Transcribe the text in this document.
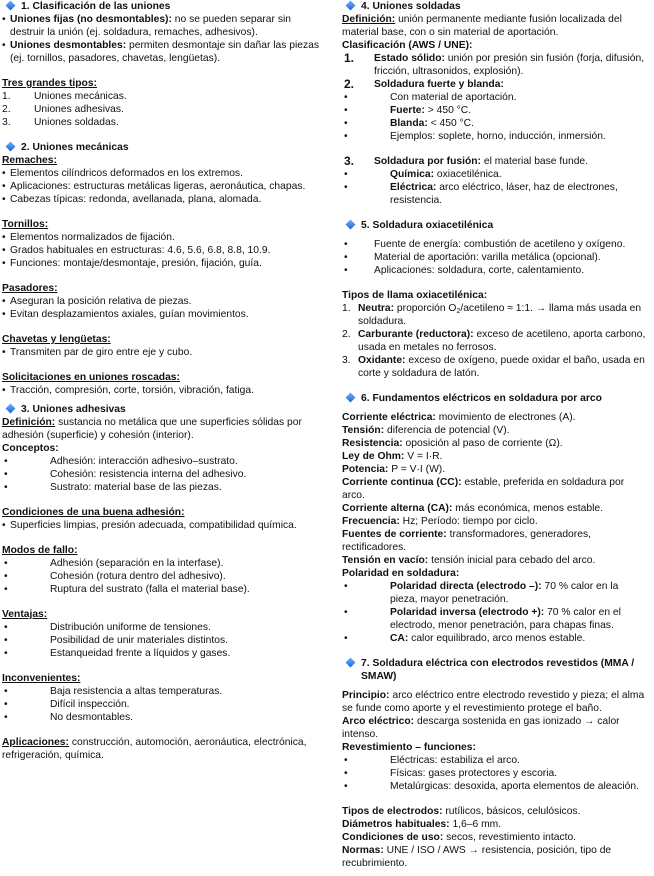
1. Clasificación de las uniones

• Uniones fijas (no desmontables): no se pueden separar sin destruir la unión (ej. soldadura, remaches, adhesivos).
• Uniones desmontables: permiten desmontaje sin dañar las piezas (ej. tornillos, pasadores, chavetas, lengüetas).

Tres grandes tipos:

1. Uniones mecánicas.
2. Uniones adhesivas.
3. Uniones soldadas.

2. Uniones mecánicas

Remaches:

• Elementos cilíndricos deformados en los extremos.
• Aplicaciones: estructuras metálicas ligeras, aeronáutica, chapas.
• Cabezas típicas: redonda, avellanada, plana, alomada.

Tornillos:

• Elementos normalizados de fijación.
• Grados habituales en estructuras: 4.6, 5.6, 6.8, 8.8, 10.9.
• Funciones: montaje/desmontaje, presión, fijación, guía.

Pasadores:

• Aseguran la posición relativa de piezas.
• Evitan desplazamientos axiales, guían movimientos.

Chavetas y lengüetas:

• Transmiten par de giro entre eje y cubo.

Solicitaciones en uniones roscadas:

• Tracción, compresión, corte, torsión, vibración, fatiga.

3. Uniones adhesivas

Definición: sustancia no metálica que une superficies sólidas por adhesión (superficie) y cohesión (interior).

Conceptos:

• Adhesión: interacción adhesivo–sustrato.
• Cohesión: resistencia interna del adhesivo.
• Sustrato: material base de las piezas.

Condiciones de una buena adhesión:

• Superficies limpias, presión adecuada, compatibilidad química.

Modos de fallo:

• Adhesión (separación en la interfase).
• Cohesión (rotura dentro del adhesivo).
• Ruptura del sustrato (falla el material base).

Ventajas:

• Distribución uniforme de tensiones.
• Posibilidad de unir materiales distintos.
• Estanqueidad frente a líquidos y gases.

Inconvenientes:

• Baja resistencia a altas temperaturas.
• Difícil inspección.
• No desmontables.

Aplicaciones: construcción, automoción, aeronáutica, electrónica, refrigeración, química.

4. Uniones soldadas

Definición: unión permanente mediante fusión localizada del material base, con o sin material de aportación.

Clasificación (AWS / UNE):

1. Estado sólido: unión por presión sin fusión (forja, difusión, fricción, ultrasonidos, explosión).
2. Soldadura fuerte y blanda:
• Con material de aportación.
• Fuerte: > 450 °C.
• Blanda: < 450 °C.
• Ejemplos: soplete, horno, inducción, inmersión.
3. Soldadura por fusión: el material base funde.
• Química: oxiacetilénica.
• Eléctrica: arco eléctrico, láser, haz de electrones, resistencia.

5. Soldadura oxiacetilénica

• Fuente de energía: combustión de acetileno y oxígeno.
• Material de aportación: varilla metálica (opcional).
• Aplicaciones: soldadura, corte, calentamiento.

Tipos de llama oxiacetilénica:

1. Neutra: proporción $O_2$/acetileno ≈ 1:1. → llama más usada en soldadura.
2. Carburante (reductora): exceso de acetileno, aporta carbono, usada en metales no ferrosos.
3. Oxidante: exceso de oxígeno, puede oxidar el baño, usada en corte y soldadura de latón.

6. Fundamentos eléctricos en soldadura por arco

Corriente eléctrica: movimiento de electrones (A).

Tensión: diferencia de potencial (V).

Resistencia: oposición al paso de corriente (Ω).

Ley de Ohm: V = I·R.

Potencia: P = V·I (W).

Corriente continua (CC): estable, preferida en soldadura por arco.

Corriente alterna (CA): más económica, menos estable.

Frecuencia: Hz; Período: tiempo por ciclo.

Fuentes de corriente: transformadores, generadores, rectificadores.

Tensión en vacío: tensión inicial para cebado del arco.

Polaridad en soldadura:

• Polaridad directa (electrodo –): 70 % calor en la pieza, mayor penetración.
• Polaridad inversa (electrodo +): 70 % calor en el electrodo, menor penetración, para chapas finas.
• CA: calor equilibrado, arco menos estable.

7. Soldadura eléctrica con electrodos revestidos (MMA / SMAW)

Principio: arco eléctrico entre electrodo revestido y pieza; el alma se funde como aporte y el revestimiento protege el baño.

Arco eléctrico: descarga sostenida en gas ionizado → calor intenso.

Revestimiento – funciones:

• Eléctricas: estabiliza el arco.
• Físicas: gases protectores y escoria.
• Metalúrgicas: desoxida, aporta elementos de aleación.

Tipos de electrodos: rutílicos, básicos, celulósicos.

Diámetros habituales: 1,6–6 mm.

Condiciones de uso: secos, revestimiento intacto.

Normas: UNE / ISO / AWS → resistencia, posición, tipo de recubrimiento.
